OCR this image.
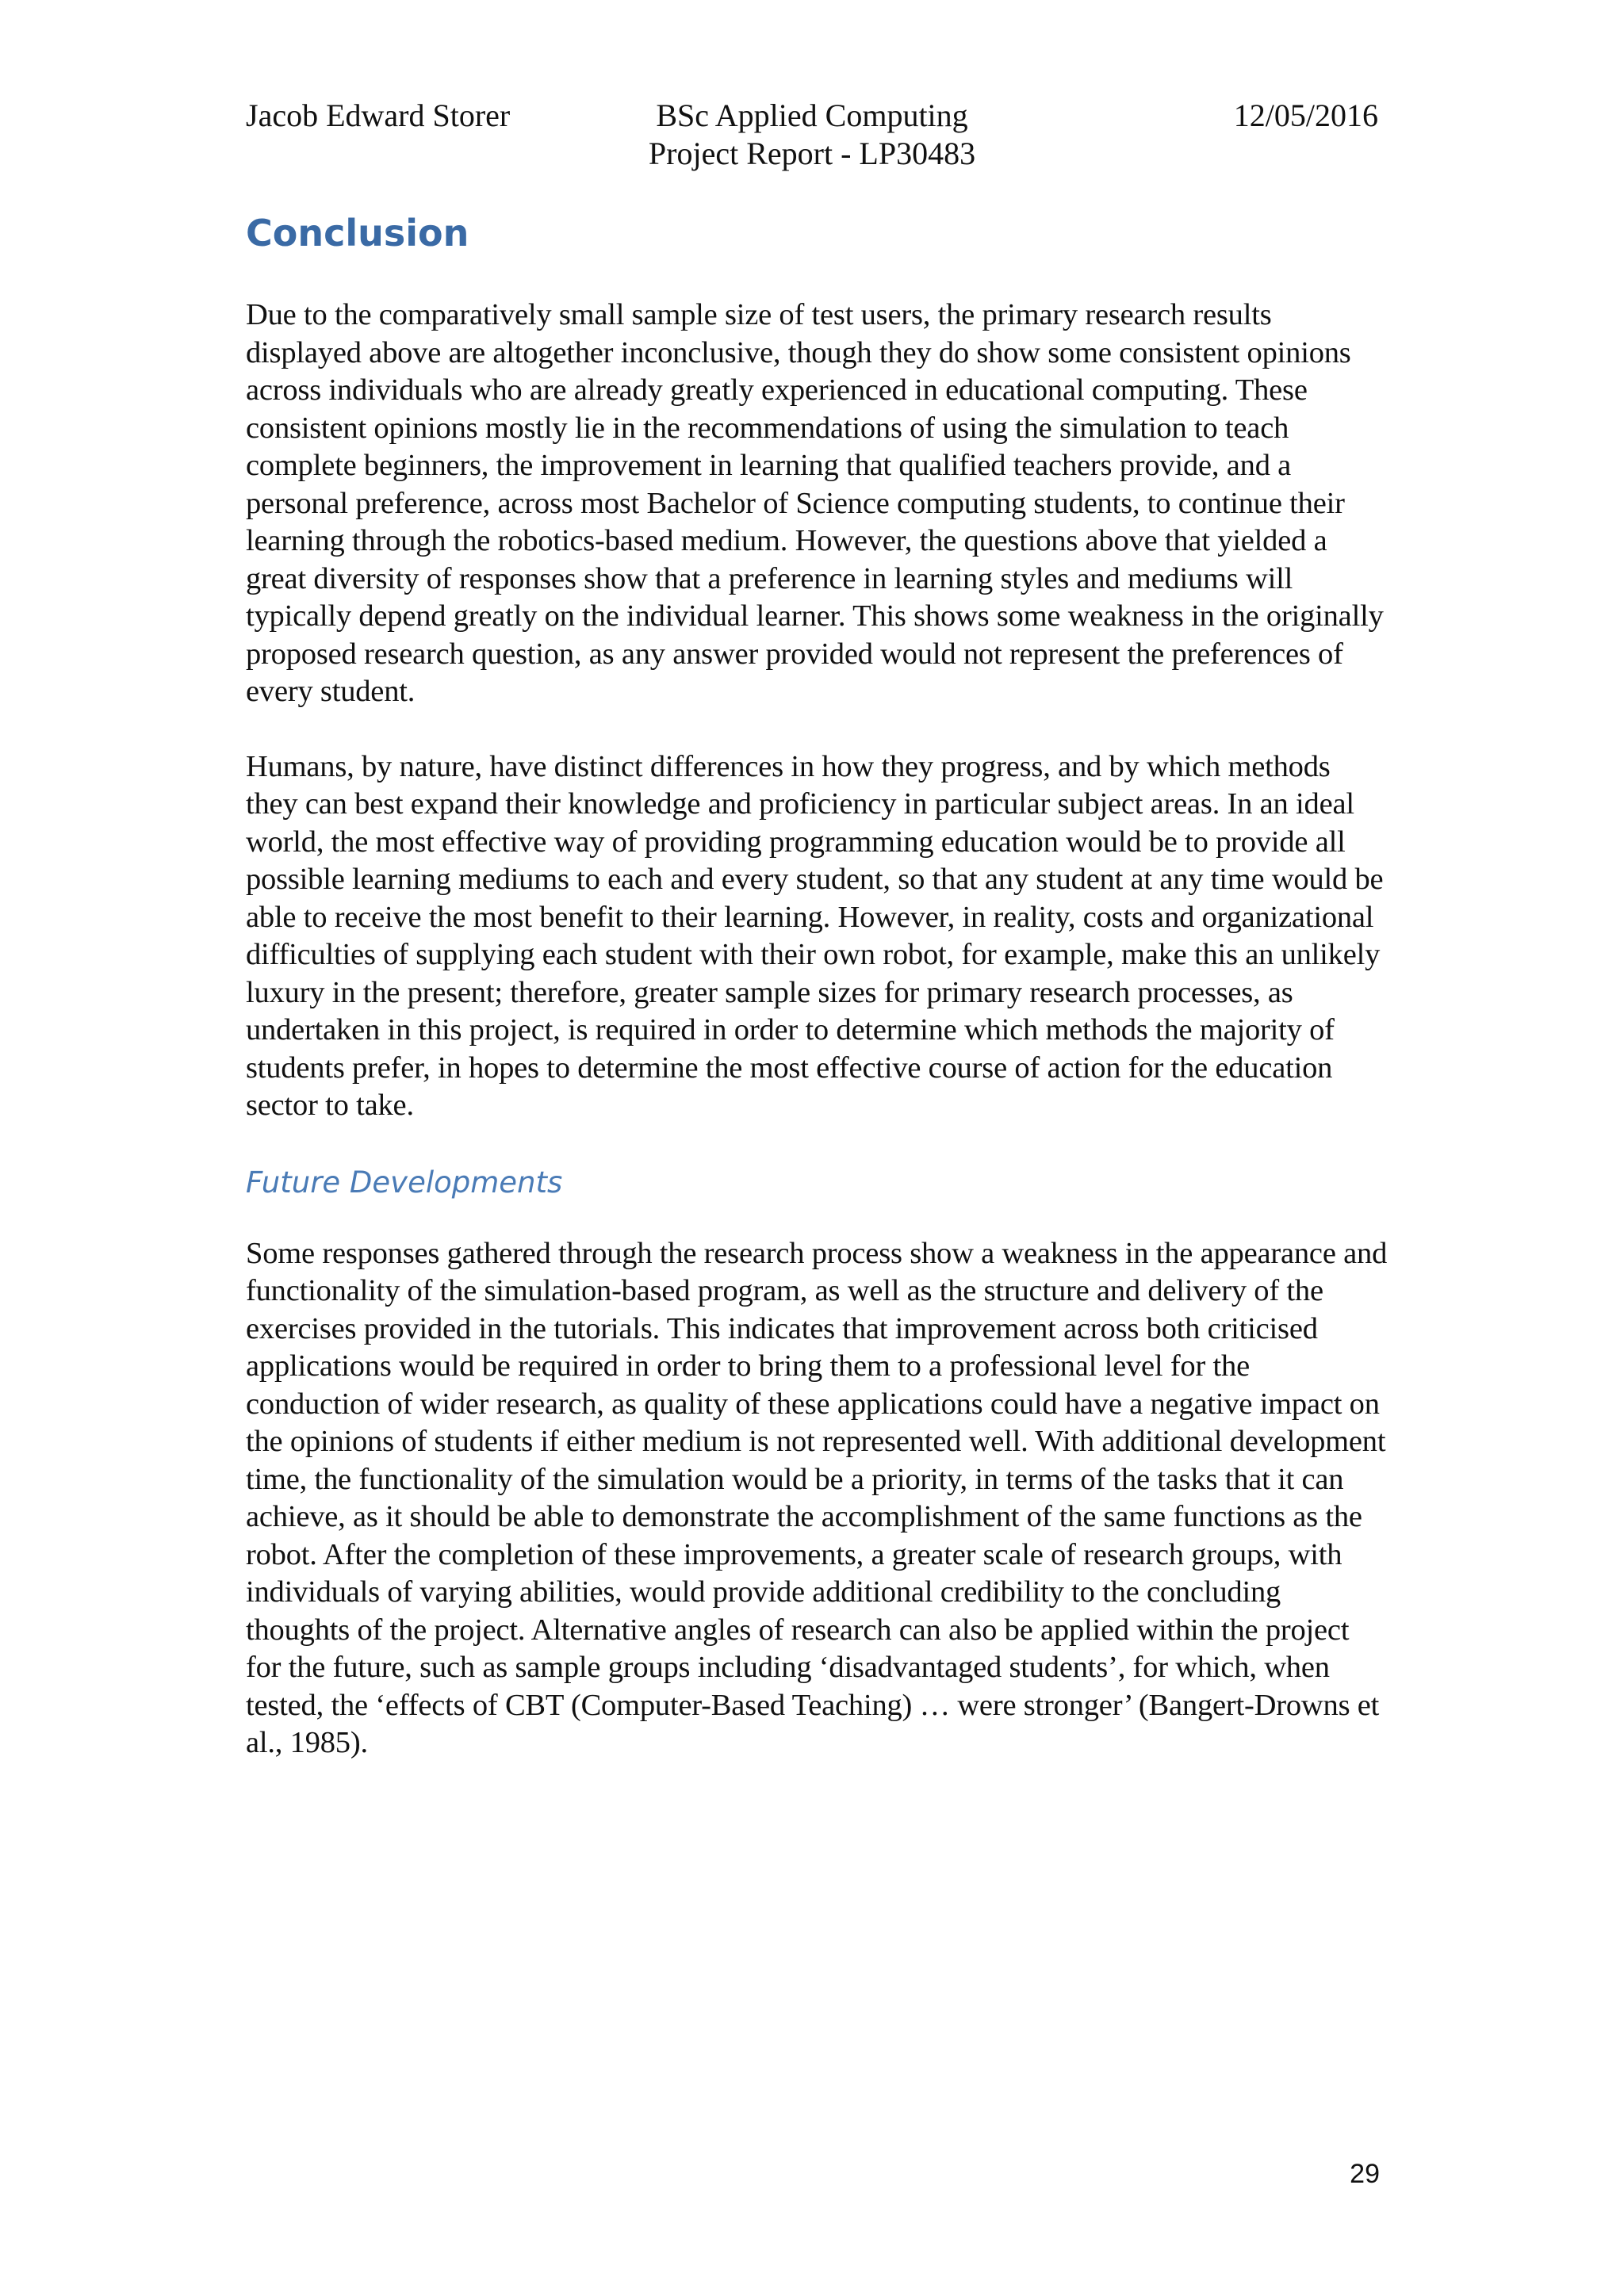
Jacob Edward Storer	BSc Applied Computing
Project Report - LP30483
12/05/2016
Conclusion

Due to the comparatively small sample size of test users, the primary research results displayed above are altogether inconclusive, though they do show some consistent opinions across individuals who are already greatly experienced in educational computing. These consistent opinions mostly lie in the recommendations of using the simulation to teach complete beginners, the improvement in learning that qualified teachers provide, and a personal preference, across most Bachelor of Science computing students, to continue their learning through the robotics-based medium. However, the questions above that yielded a great diversity of responses show that a preference in learning styles and mediums will typically depend greatly on the individual learner. This shows some weakness in the originally proposed research question, as any answer provided would not represent the preferences of every student.

Humans, by nature, have distinct differences in how they progress, and by which methods they can best expand their knowledge and proficiency in particular subject areas. In an ideal world, the most effective way of providing programming education would be to provide all possible learning mediums to each and every student, so that any student at any time would be able to receive the most benefit to their learning. However, in reality, costs and organizational difficulties of supplying each student with their own robot, for example, make this an unlikely luxury in the present; therefore, greater sample sizes for primary research processes, as undertaken in this project, is required in order to determine which methods the majority of students prefer, in hopes to determine the most effective course of action for the education sector to take.

Future Developments

Some responses gathered through the research process show a weakness in the appearance and functionality of the simulation-based program, as well as the structure and delivery of the exercises provided in the tutorials. This indicates that improvement across both criticised applications would be required in order to bring them to a professional level for the conduction of wider research, as quality of these applications could have a negative impact on the opinions of students if either medium is not represented well. With additional development time, the functionality of the simulation would be a priority, in terms of the tasks that it can achieve, as it should be able to demonstrate the accomplishment of the same functions as the robot. After the completion of these improvements, a greater scale of research groups, with individuals of varying abilities, would provide additional credibility to the concluding thoughts of the project. Alternative angles of research can also be applied within the project for the future, such as sample groups including ‘disadvantaged students’, for which, when tested, the ‘effects of CBT (Computer-Based Teaching) … were stronger’ (Bangert-Drowns et al., 1985).

29
